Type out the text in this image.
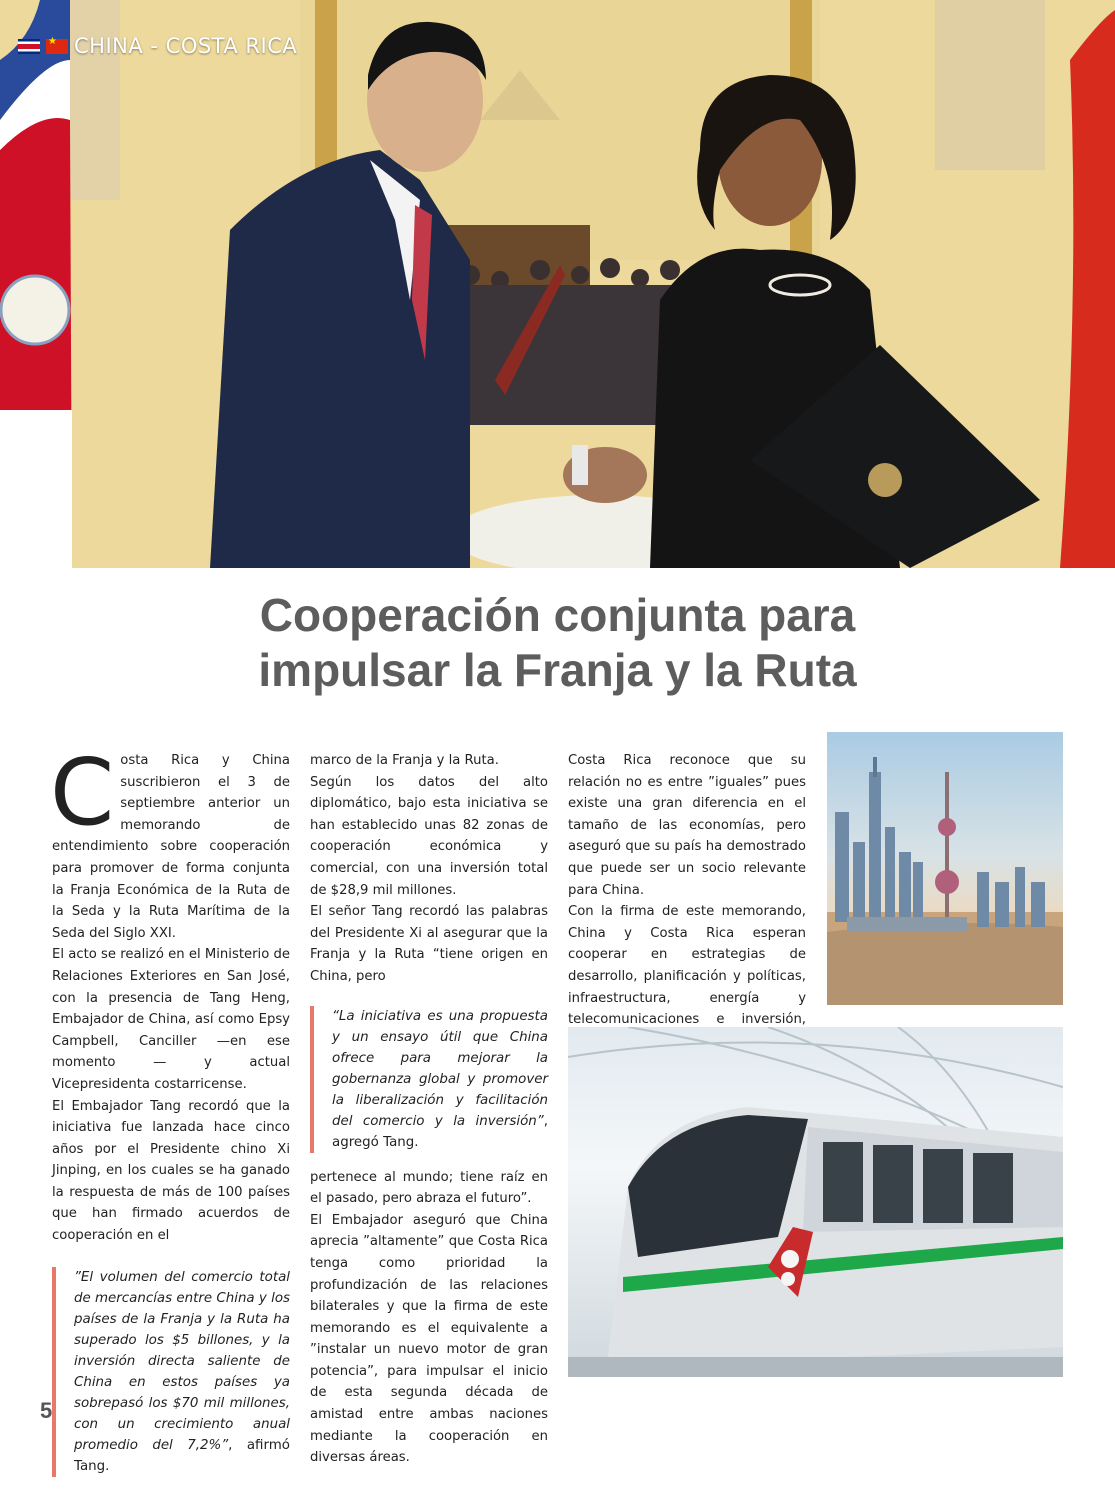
★
CHINA - COSTA RICA
Cooperación conjunta para
impulsar la Franja y la Ruta

Costa Rica y China suscribieron el 3 de septiembre anterior un memorando de entendimiento sobre cooperación para promover de forma conjunta la Franja Económica de la Ruta de la Seda y la Ruta Marítima de la Seda del Siglo XXI.

El acto se realizó en el Ministerio de Relaciones Exteriores en San José, con la presencia de Tang Heng, Embajador de China, así como Epsy Campbell, Canciller —en ese momento — y actual Vicepresidenta costarricense.

El Embajador Tang recordó que la iniciativa fue lanzada hace cinco años por el Presidente chino Xi Jinping, en los cuales se ha ganado la respuesta de más de 100 países que han firmado acuerdos de cooperación en el

”El volumen del comercio total de mercancías entre China y los países de la Franja y la Ruta ha superado los $5 billones, y la inversión directa saliente de China en estos países ya sobrepasó los $70 mil millones, con un crecimiento anual promedio del 7,2%”, afirmó Tang.

marco de la Franja y la Ruta.

Según los datos del alto diplomático, bajo esta iniciativa se han establecido unas 82 zonas de cooperación económica y comercial, con una inversión total de $28,9 mil millones.

El señor Tang recordó las palabras del Presidente Xi al asegurar que la Franja y la Ruta “tiene origen en China, pero

“La iniciativa es una propuesta y un ensayo útil que China ofrece para mejorar la gobernanza global y promover la liberalización y facilitación del comercio y la inversión”, agregó Tang.

pertenece al mundo; tiene raíz en el pasado, pero abraza el futuro”.

El Embajador aseguró que China aprecia ”altamente” que Costa Rica tenga como prioridad la profundización de las relaciones bilaterales y que la firma de este memorando es el equivalente a ”instalar un nuevo motor de gran potencia”, para impulsar el inicio de esta segunda década de amistad entre ambas naciones mediante la cooperación en diversas áreas.

Costa Rica reconoce que su relación no es entre ”iguales” pues existe una gran diferencia en el tamaño de las economías, pero aseguró que su país ha demostrado que puede ser un socio relevante para China.

Con la firma de este memorando, China y Costa Rica esperan cooperar en estrategias de desarrollo, planificación y políticas, infraestructura, energía y telecomunicaciones e inversión,

5
